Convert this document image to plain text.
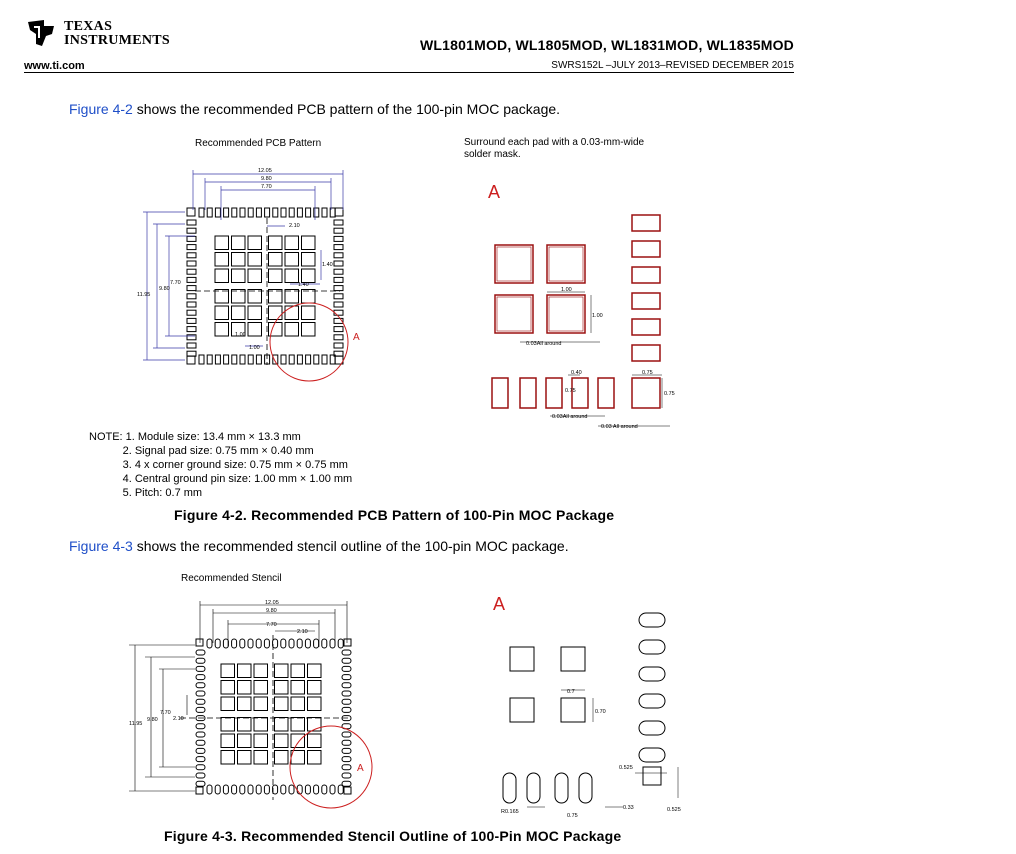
TEXAS
INSTRUMENTS
www.ti.com
WL1801MOD, WL1805MOD, WL1831MOD, WL1835MOD
SWRS152L –JULY 2013–REVISED DECEMBER 2015
Figure 4-2 shows the recommended PCB pattern of the 100-pin MOC package.
Recommended PCB Pattern	Surround each pad with a 0.03-mm-wide
solder mask.
A
12.05
9.80
7.70
2.10
1.40
1.40
1.00
1.00
11.95
9.80
7.70
A
1.00
1.00
0.03All around
0.40
0.75
0.03All around
0.75
0.75
0.03 All around
NOTE: 1. Module size: 13.4 mm × 13.3 mm
2. Signal pad size: 0.75 mm × 0.40 mm
3. 4 x corner ground size: 0.75 mm × 0.75 mm
4. Central ground pin size: 1.00 mm × 1.00 mm
5. Pitch: 0.7 mm
Figure 4-2. Recommended PCB Pattern of 100-Pin MOC Package
Figure 4-3 shows the recommended stencil outline of the 100-pin MOC package.
Recommended Stencil
A
12.05
9.80
7.70
2.10
11.95
9.80
7.70
2.10
A
0.7
0.70
0.525
0.525
R0.165
0.75
0.33
Figure 4-3. Recommended Stencil Outline of 100-Pin MOC Package
